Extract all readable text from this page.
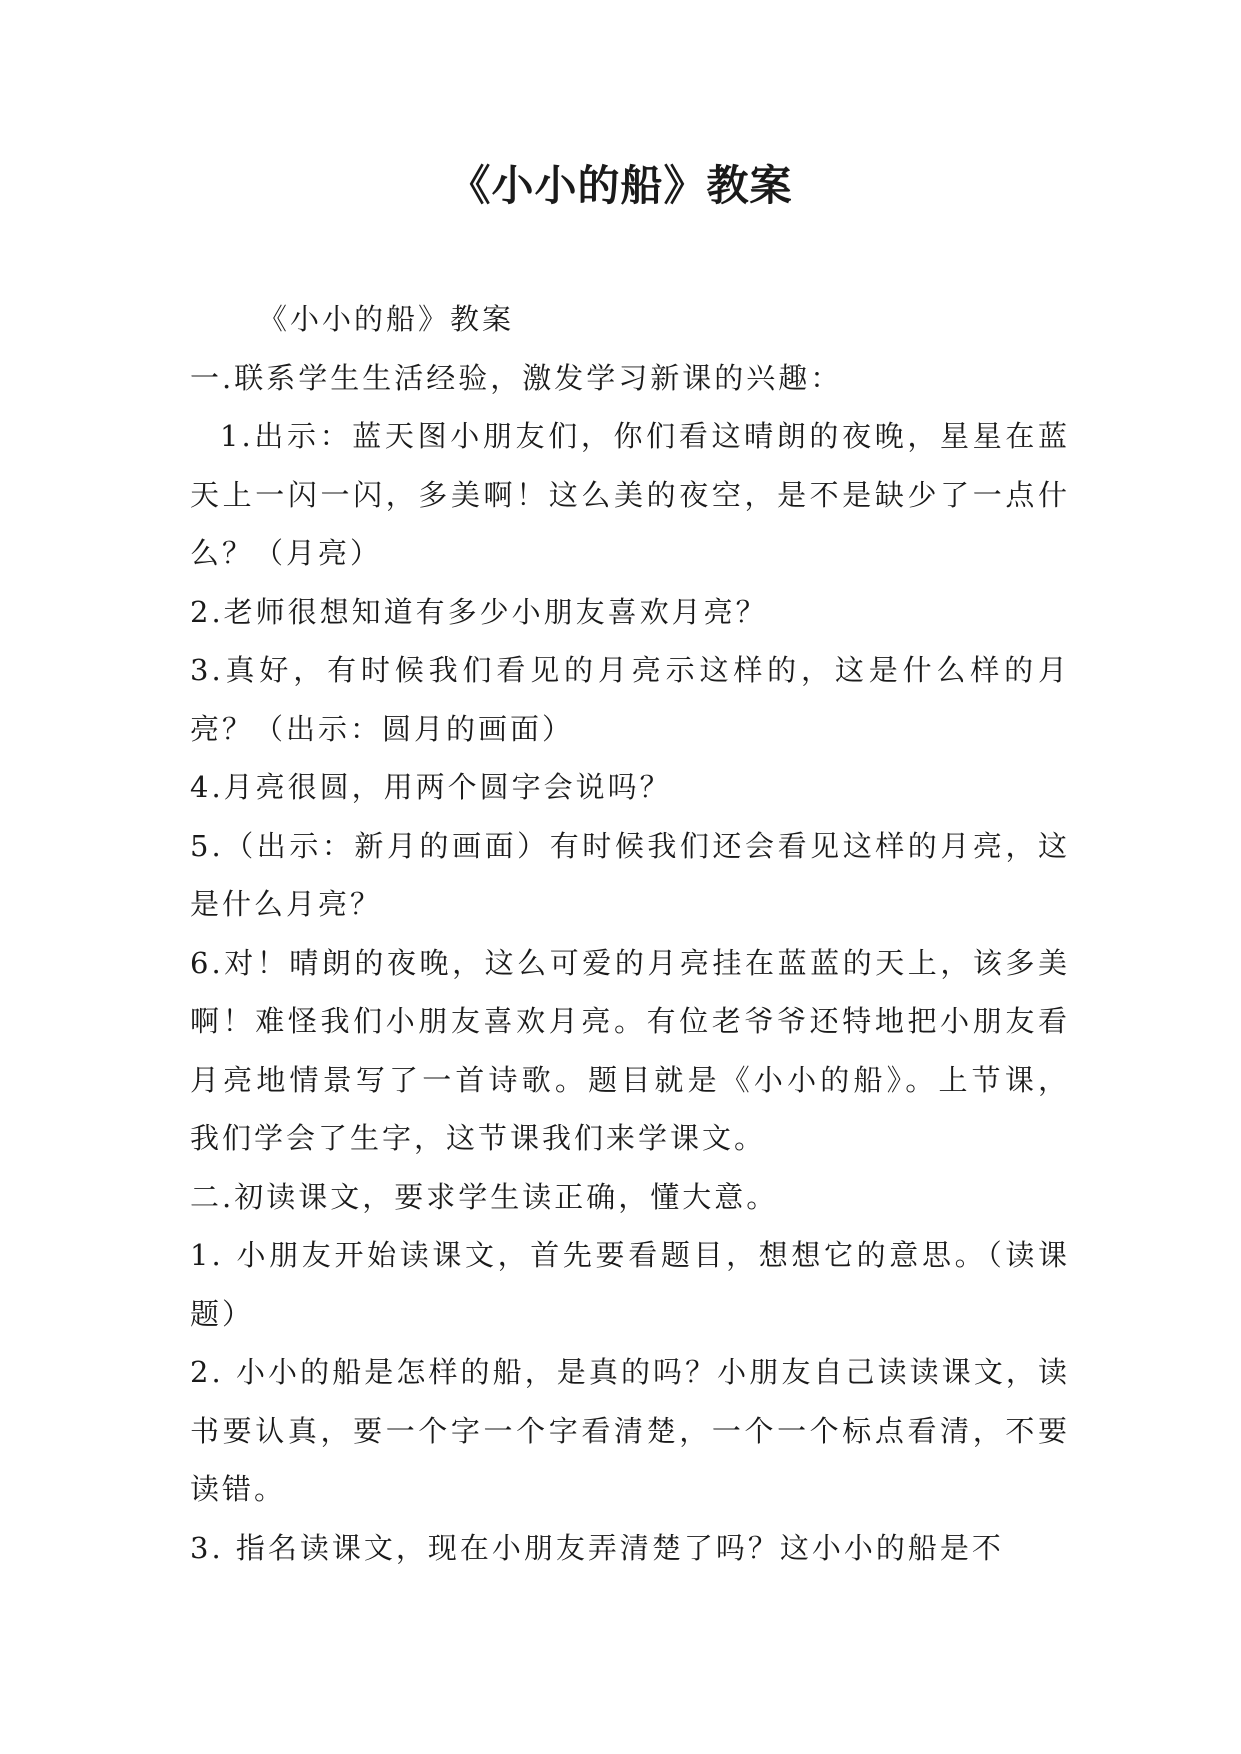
《小小的船》教案

《小小的船》教案

一.联系学生生活经验，激发学习新课的兴趣：

1.出示：蓝天图小朋友们，你们看这晴朗的夜晚，星星在蓝天上一闪一闪，多美啊！这么美的夜空，是不是缺少了一点什么？（月亮）

2.老师很想知道有多少小朋友喜欢月亮？

3.真好，有时候我们看见的月亮示这样的，这是什么样的月亮？（出示：圆月的画面）

4.月亮很圆，用两个圆字会说吗？

5.（出示：新月的画面）有时候我们还会看见这样的月亮，这是什么月亮？

6.对！晴朗的夜晚，这么可爱的月亮挂在蓝蓝的天上，该多美啊！难怪我们小朋友喜欢月亮。有位老爷爷还特地把小朋友看月亮地情景写了一首诗歌。题目就是《小小的船》。上节课，我们学会了生字，这节课我们来学课文。

二.初读课文，要求学生读正确，懂大意。

1. 小朋友开始读课文，首先要看题目，想想它的意思。（读课题）

2. 小小的船是怎样的船，是真的吗？小朋友自己读读课文，读书要认真，要一个字一个字看清楚，一个一个标点看清，不要读错。

3. 指名读课文，现在小朋友弄清楚了吗？这小小的船是不
